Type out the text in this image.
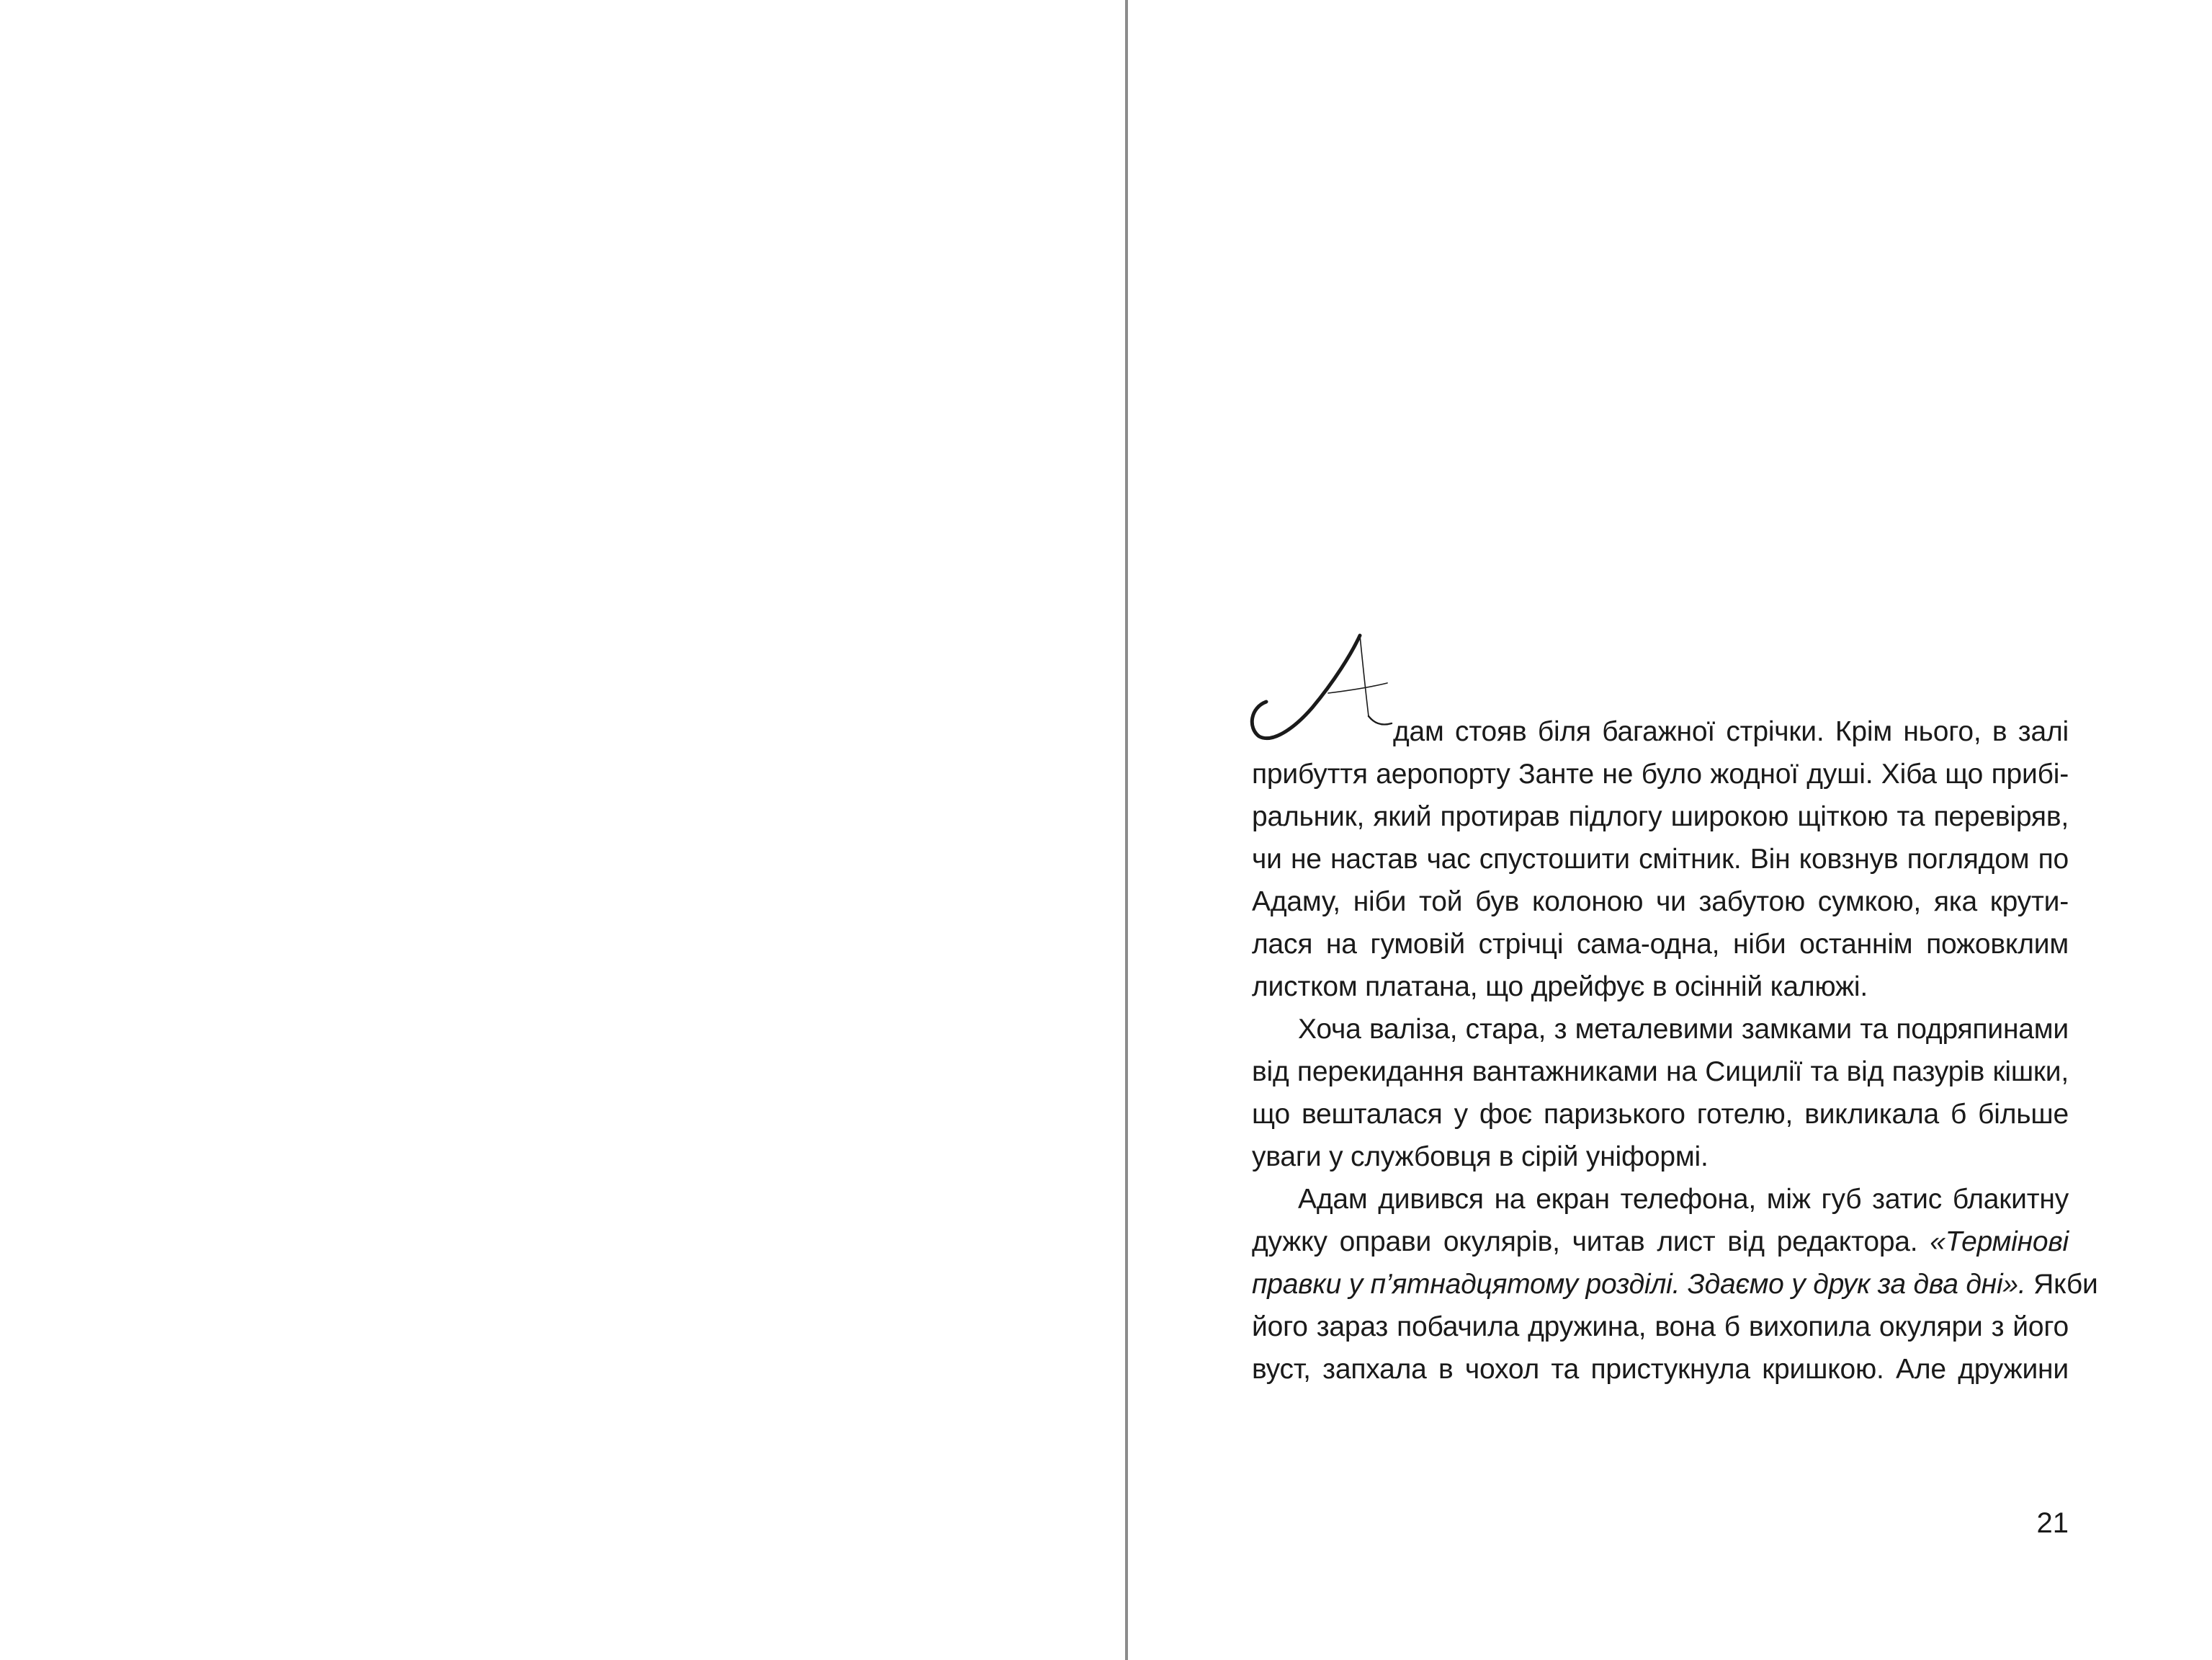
дам стояв біля багажної стрічки. Крім нього, в залі
прибуття аеропорту Занте не було жодної душі. Хіба що прибі-
ральник, який протирав підлогу широкою щіткою та перевіряв,
чи не настав час спустошити смітник. Він ковзнув поглядом по
Адаму, ніби той був колоною чи забутою сумкою, яка крути-
лася на гумовій стрічці сама-одна, ніби останнім пожовклим
листком платана, що дрейфує в осінній калюжі.
Хоча валіза, стара, з металевими замками та подряпинами
від перекидання вантажниками на Сицилії та від пазурів кішки,
що вешталася у фоє паризького готелю, викликала б більше
уваги у службовця в сірій уніформі.
Адам дивився на екран телефона, між губ затис блакитну
дужку оправи окулярів, читав лист від редактора. «Термінові
правки у п’ятнадцятому розділі. Здаємо у друк за два дні». Якби
його зараз побачила дружина, вона б вихопила окуляри з його
вуст, запхала в чохол та пристукнула кришкою. Але дружини
21
